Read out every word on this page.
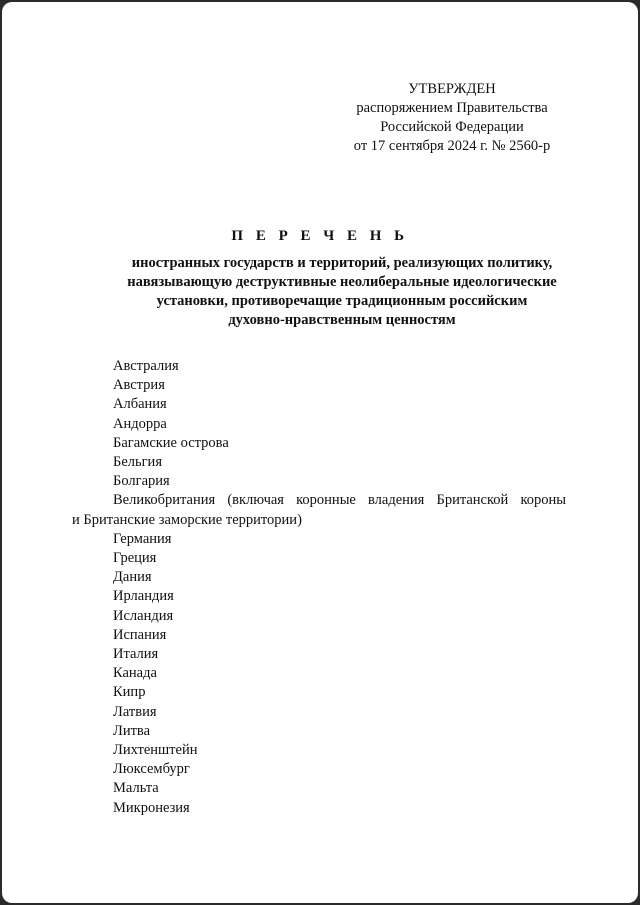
УТВЕРЖДЕН
распоряжением Правительства
Российской Федерации
от 17 сентября 2024 г. № 2560-р
П Е Р Е Ч Е Н Ь
иностранных государств и территорий, реализующих политику,
навязывающую деструктивные неолиберальные идеологические
установки, противоречащие традиционным российским
духовно-нравственным ценностям
Австралия
Австрия
Албания
Андорра
Багамские острова
Бельгия
Болгария
Великобритания (включая коронные владения Британской короны
и Британские заморские территории)
Германия
Греция
Дания
Ирландия
Исландия
Испания
Италия
Канада
Кипр
Латвия
Литва
Лихтенштейн
Люксембург
Мальта
Микронезия
